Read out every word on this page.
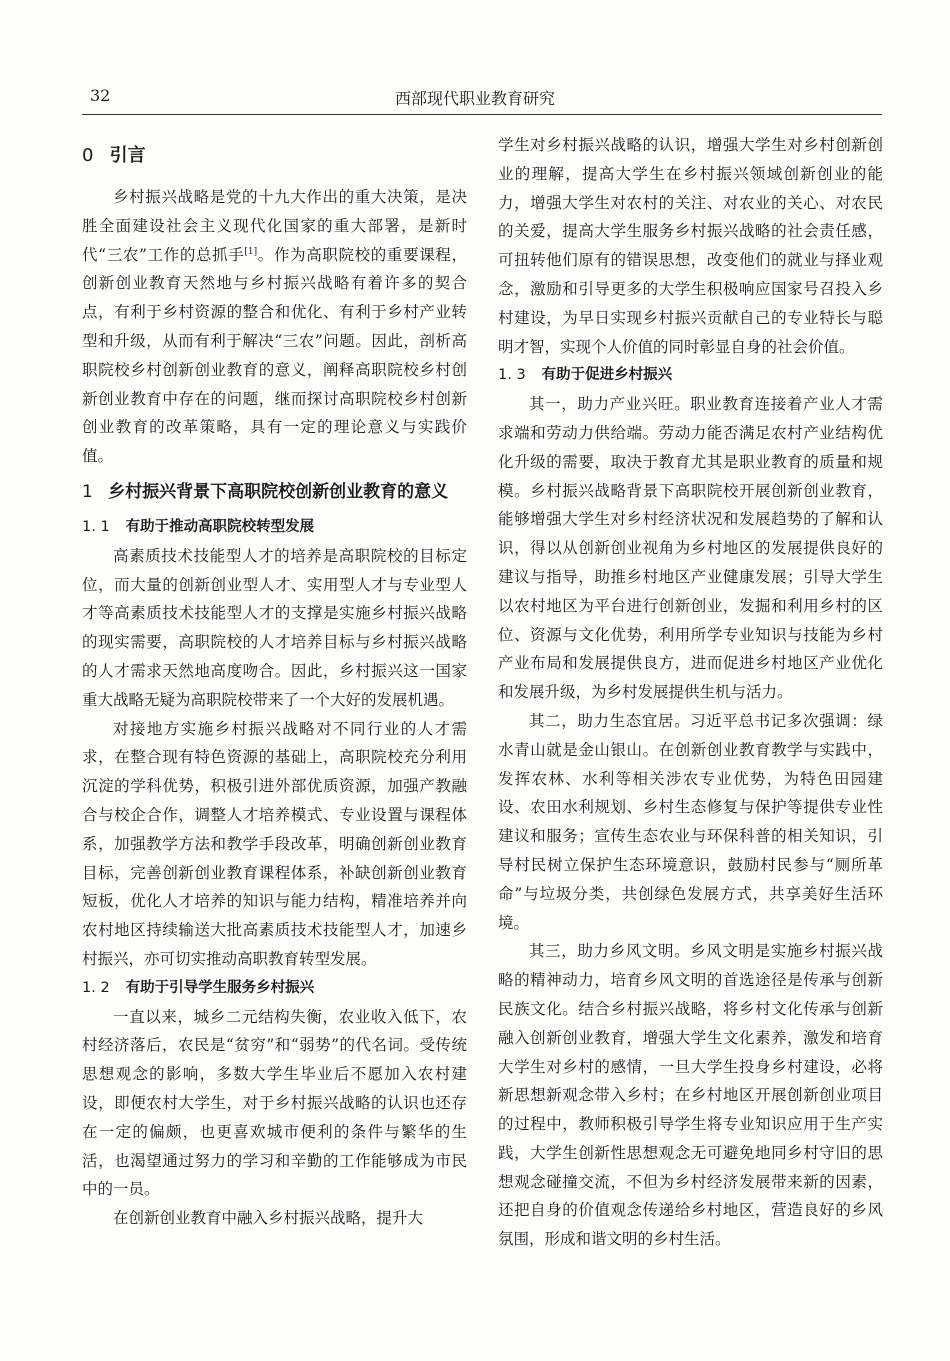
32	西部现代职业教育研究
0 引言

乡村振兴战略是党的十九大作出的重大决策，是决胜全面建设社会主义现代化国家的重大部署，是新时代“三农”工作的总抓手[1]。作为高职院校的重要课程，创新创业教育天然地与乡村振兴战略有着许多的契合点，有利于乡村资源的整合和优化、有利于乡村产业转型和升级，从而有利于解决“三农”问题。因此，剖析高职院校乡村创新创业教育的意义，阐释高职院校乡村创新创业教育中存在的问题，继而探讨高职院校乡村创新创业教育的改革策略，具有一定的理论意义与实践价值。

1 乡村振兴背景下高职院校创新创业教育的意义
1. 1 有助于推动高职院校转型发展

高素质技术技能型人才的培养是高职院校的目标定位，而大量的创新创业型人才、实用型人才与专业型人才等高素质技术技能型人才的支撑是实施乡村振兴战略的现实需要，高职院校的人才培养目标与乡村振兴战略的人才需求天然地高度吻合。因此，乡村振兴这一国家重大战略无疑为高职院校带来了一个大好的发展机遇。

对接地方实施乡村振兴战略对不同行业的人才需求，在整合现有特色资源的基础上，高职院校充分利用沉淀的学科优势，积极引进外部优质资源，加强产教融合与校企合作，调整人才培养模式、专业设置与课程体系，加强教学方法和教学手段改革，明确创新创业教育目标，完善创新创业教育课程体系，补缺创新创业教育短板，优化人才培养的知识与能力结构，精准培养并向农村地区持续输送大批高素质技术技能型人才，加速乡村振兴，亦可切实推动高职教育转型发展。

1. 2 有助于引导学生服务乡村振兴

一直以来，城乡二元结构失衡，农业收入低下，农村经济落后，农民是“贫穷”和“弱势”的代名词。受传统思想观念的影响，多数大学生毕业后不愿加入农村建设，即便农村大学生，对于乡村振兴战略的认识也还存在一定的偏颇，也更喜欢城市便利的条件与繁华的生活，也渴望通过努力的学习和辛勤的工作能够成为市民中的一员。

在创新创业教育中融入乡村振兴战略，提升大

学生对乡村振兴战略的认识，增强大学生对乡村创新创业的理解，提高大学生在乡村振兴领域创新创业的能力，增强大学生对农村的关注、对农业的关心、对农民的关爱，提高大学生服务乡村振兴战略的社会责任感，可扭转他们原有的错误思想，改变他们的就业与择业观念，激励和引导更多的大学生积极响应国家号召投入乡村建设，为早日实现乡村振兴贡献自己的专业特长与聪明才智，实现个人价值的同时彰显自身的社会价值。

1. 3 有助于促进乡村振兴

其一，助力产业兴旺。职业教育连接着产业人才需求端和劳动力供给端。劳动力能否满足农村产业结构优化升级的需要，取决于教育尤其是职业教育的质量和规模。乡村振兴战略背景下高职院校开展创新创业教育，能够增强大学生对乡村经济状况和发展趋势的了解和认识，得以从创新创业视角为乡村地区的发展提供良好的建议与指导，助推乡村地区产业健康发展；引导大学生以农村地区为平台进行创新创业，发掘和利用乡村的区位、资源与文化优势，利用所学专业知识与技能为乡村产业布局和发展提供良方，进而促进乡村地区产业优化和发展升级，为乡村发展提供生机与活力。

其二，助力生态宜居。习近平总书记多次强调：绿水青山就是金山银山。在创新创业教育教学与实践中，发挥农林、水利等相关涉农专业优势，为特色田园建设、农田水利规划、乡村生态修复与保护等提供专业性建议和服务；宣传生态农业与环保科普的相关知识，引导村民树立保护生态环境意识，鼓励村民参与“厕所革命”与垃圾分类，共创绿色发展方式，共享美好生活环境。

其三，助力乡风文明。乡风文明是实施乡村振兴战略的精神动力，培育乡风文明的首选途径是传承与创新民族文化。结合乡村振兴战略，将乡村文化传承与创新融入创新创业教育，增强大学生文化素养，激发和培育大学生对乡村的感情，一旦大学生投身乡村建设，必将新思想新观念带入乡村；在乡村地区开展创新创业项目的过程中，教师积极引导学生将专业知识应用于生产实践，大学生创新性思想观念无可避免地同乡村守旧的思想观念碰撞交流，不但为乡村经济发展带来新的因素，还把自身的价值观念传递给乡村地区，营造良好的乡风氛围，形成和谐文明的乡村生活。
